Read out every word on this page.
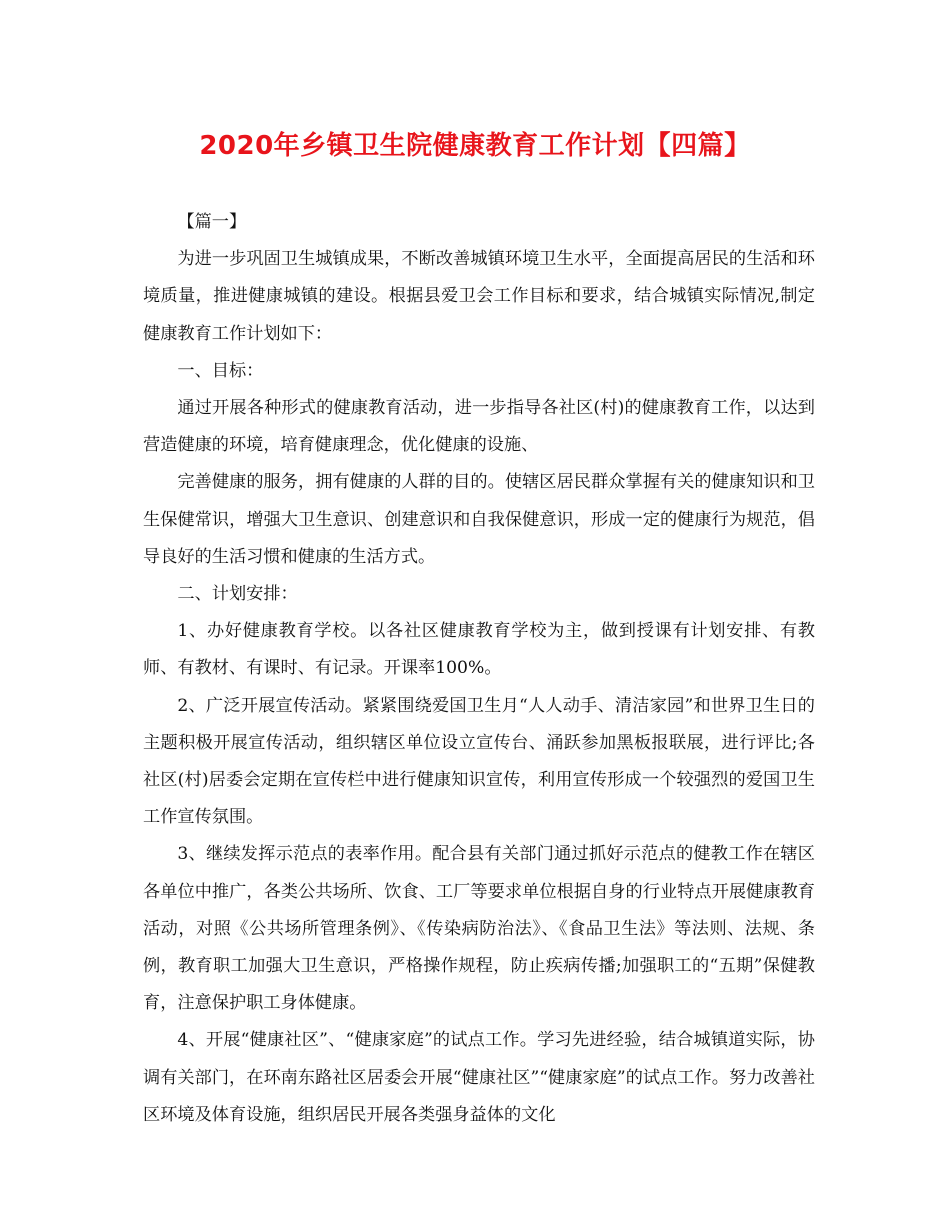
2020年乡镇卫生院健康教育工作计划【四篇】

【篇一】

为进一步巩固卫生城镇成果，不断改善城镇环境卫生水平，全面提高居民的生活和环境质量，推进健康城镇的建设。根据县爱卫会工作目标和要求，结合城镇实际情况,制定健康教育工作计划如下：

一、目标：

通过开展各种形式的健康教育活动，进一步指导各社区(村)的健康教育工作，以达到营造健康的环境，培育健康理念，优化健康的设施、

完善健康的服务，拥有健康的人群的目的。使辖区居民群众掌握有关的健康知识和卫生保健常识，增强大卫生意识、创建意识和自我保健意识，形成一定的健康行为规范，倡导良好的生活习惯和健康的生活方式。

二、计划安排：

1、办好健康教育学校。以各社区健康教育学校为主，做到授课有计划安排、有教师、有教材、有课时、有记录。开课率100%。

2、广泛开展宣传活动。紧紧围绕爱国卫生月“人人动手、清洁家园”和世界卫生日的主题积极开展宣传活动，组织辖区单位设立宣传台、涌跃参加黑板报联展，进行评比;各社区(村)居委会定期在宣传栏中进行健康知识宣传，利用宣传形成一个较强烈的爱国卫生工作宣传氛围。

3、继续发挥示范点的表率作用。配合县有关部门通过抓好示范点的健教工作在辖区各单位中推广，各类公共场所、饮食、工厂等要求单位根据自身的行业特点开展健康教育活动，对照《公共场所管理条例》、《传染病防治法》、《食品卫生法》等法则、法规、条例，教育职工加强大卫生意识，严格操作规程，防止疾病传播;加强职工的“五期”保健教育，注意保护职工身体健康。

4、开展“健康社区”、“健康家庭”的试点工作。学习先进经验，结合城镇道实际，协调有关部门，在环南东路社区居委会开展“健康社区”“健康家庭”的试点工作。努力改善社区环境及体育设施，组织居民开展各类强身益体的文化
